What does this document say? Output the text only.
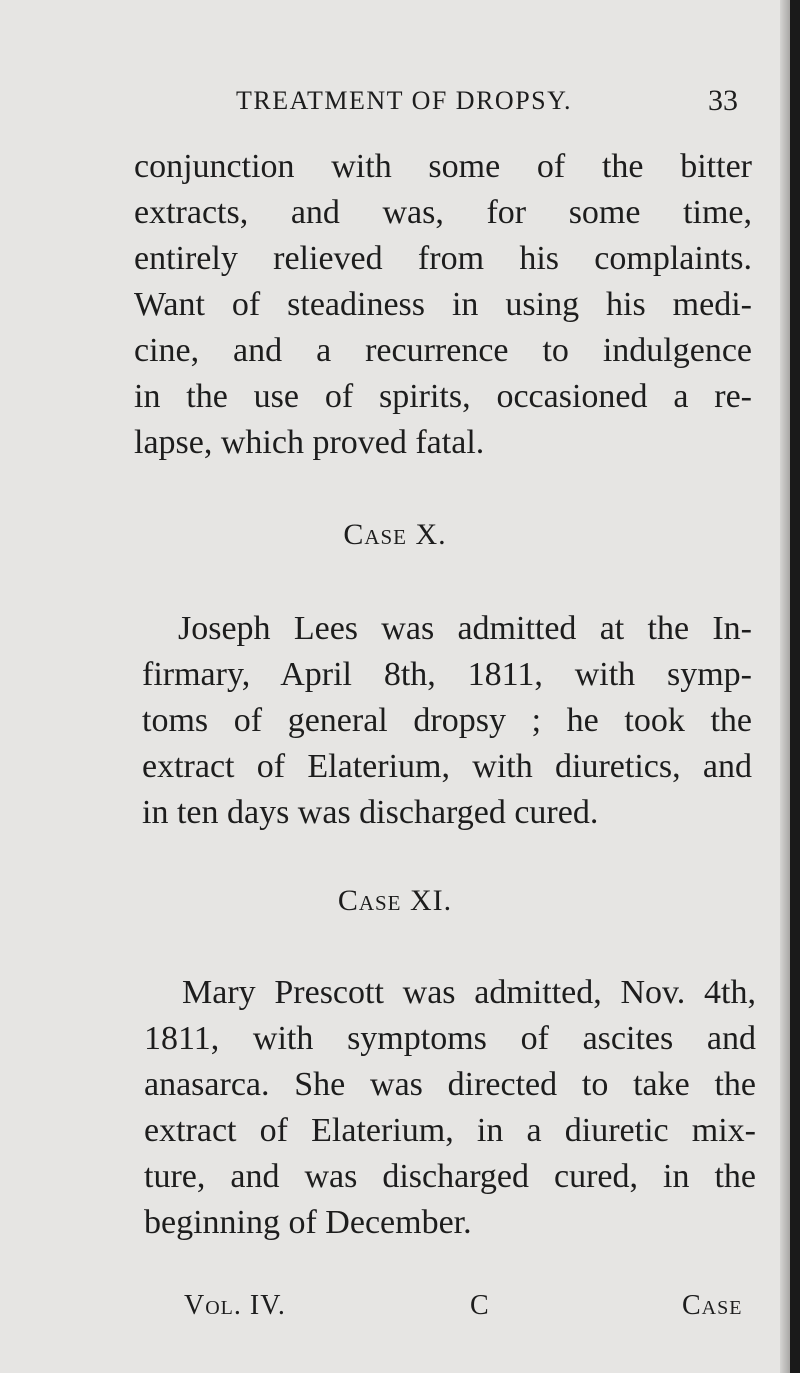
TREATMENT OF DROPSY.	33
conjunction with some of the bitter
extracts, and was, for some time,
entirely relieved from his complaints.
Want of steadiness in using his medi-
cine, and a recurrence to indulgence
in the use of spirits, occasioned a re-
lapse, which proved fatal.
Case X.
Joseph Lees was admitted at the In-
firmary, April 8th, 1811, with symp-
toms of general dropsy ; he took the
extract of Elaterium, with diuretics, and
in ten days was discharged cured.
Case XI.
Mary Prescott was admitted, Nov. 4th,
1811, with symptoms of ascites and
anasarca. She was directed to take the
extract of Elaterium, in a diuretic mix-
ture, and was discharged cured, in the
beginning of December.
Vol. IV.	C	Case
